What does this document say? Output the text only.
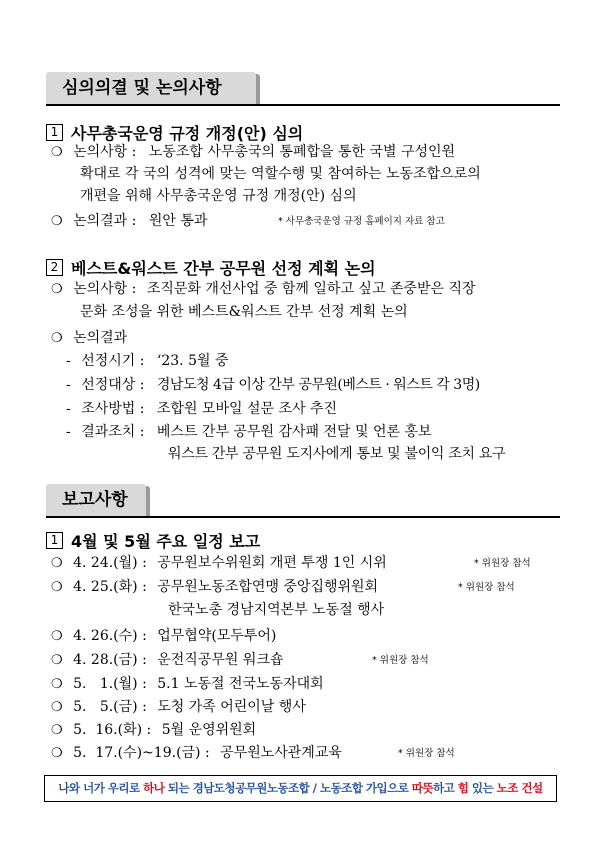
심의의결 및 논의사항
1 사무총국운영 규정 개정(안) 심의
❍ 논의사항 : 노동조합 사무총국의 통폐합을 통한 국별 구성인원
확대로 각 국의 성격에 맞는 역할수행 및 참여하는 노동조합으로의
개편을 위해 사무총국운영 규정 개정(안) 심의
❍ 논의결과 : 원안 통과	* 사무총국운영 규정 홈페이지 자료 참고
2 베스트&워스트 간부 공무원 선정 계획 논의
❍ 논의사항 : 조직문화 개선사업 중 함께 일하고 싶고 존중받은 직장
문화 조성을 위한 베스트&워스트 간부 선정 계획 논의
❍ 논의결과
- 선정시기 : ‘23. 5월 중
- 선정대상 : 경남도청 4급 이상 간부 공무원(베스트 · 워스트 각 3명)
- 조사방법 : 조합원 모바일 설문 조사 추진
- 결과조치 : 베스트 간부 공무원 감사패 전달 및 언론 홍보
워스트 간부 공무원 도지사에게 통보 및 불이익 조치 요구
보고사항
1 4월 및 5월 주요 일정 보고
❍ 4. 24.(월) : 공무원보수위원회 개편 투쟁 1인 시위	* 위원장 참석
❍ 4. 25.(화) : 공무원노동조합연맹 중앙집행위원회	* 위원장 참석
한국노총 경남지역본부 노동절 행사
❍ 4. 26.(수) : 업무협약(모두투어)
❍ 4. 28.(금) : 운전직공무원 워크숍	* 위원장 참석
❍ 5.   1.(월) : 5.1 노동절 전국노동자대회
❍ 5.   5.(금) : 도청 가족 어린이날 행사
❍ 5.  16.(화) : 5월 운영위원회
❍ 5.  17.(수)~19.(금) : 공무원노사관계교육	* 위원장 참석
나와 너가 우리로 하나 되는 경남도청공무원노동조합 / 노동조합 가입으로 따뜻하고 힘 있는 노조 건설
